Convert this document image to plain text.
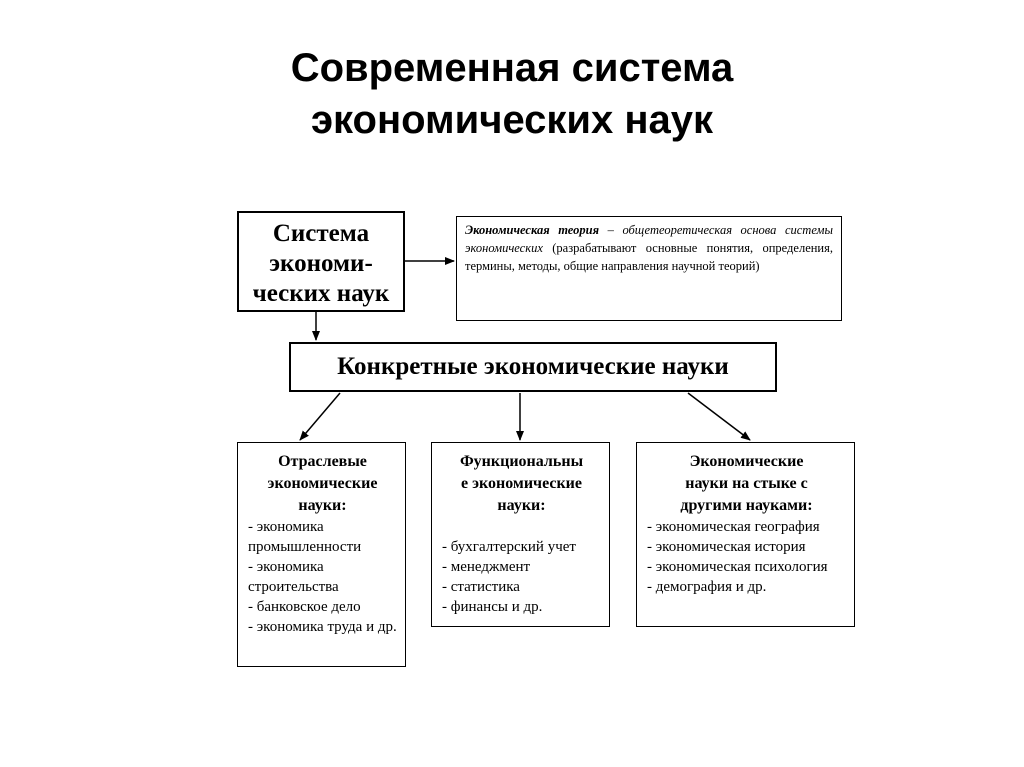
Современная система
экономических наук
Система
экономи-
ческих наук
Экономическая теория – общетеоретическая основа системы экономических (разрабатывают основные понятия, определения, термины, методы, общие направления научной теорий)
Конкретные экономические науки
Отраслевые
экономические
науки:
- экономика промышленности
- экономика строительства
- банковское дело
- экономика труда и др.
Функциональны
е экономические
науки:
- бухгалтерский учет
- менеджмент
- статистика
- финансы и др.
Экономические
науки на стыке с
другими науками:
- экономическая география
- экономическая история
- экономическая психология
- демография и др.
